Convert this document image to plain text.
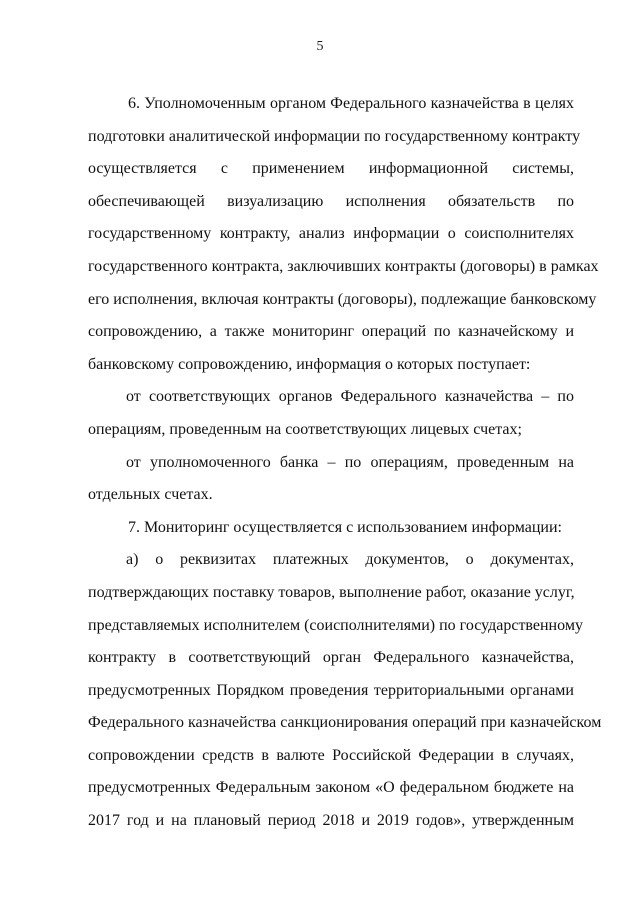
5
6. Уполномоченным органом Федерального казначейства в целях
подготовки аналитической информации по государственному контракту
осуществляется с применением информационной системы,
обеспечивающей визуализацию исполнения обязательств по
государственному контракту, анализ информации о соисполнителях
государственного контракта, заключивших контракты (договоры) в рамках
его исполнения, включая контракты (договоры), подлежащие банковскому
сопровождению, а также мониторинг операций по казначейскому и
банковскому сопровождению, информация о которых поступает:
от соответствующих органов Федерального казначейства – по
операциям, проведенным на соответствующих лицевых счетах;
от уполномоченного банка – по операциям, проведенным на
отдельных счетах.
7. Мониторинг осуществляется с использованием информации:
а) о реквизитах платежных документов, о документах,
подтверждающих поставку товаров, выполнение работ, оказание услуг,
представляемых исполнителем (соисполнителями) по государственному
контракту в соответствующий орган Федерального казначейства,
предусмотренных Порядком проведения территориальными органами
Федерального казначейства санкционирования операций при казначейском
сопровождении средств в валюте Российской Федерации в случаях,
предусмотренных Федеральным законом «О федеральном бюджете на
2017 год и на плановый период 2018 и 2019 годов», утвержденным
